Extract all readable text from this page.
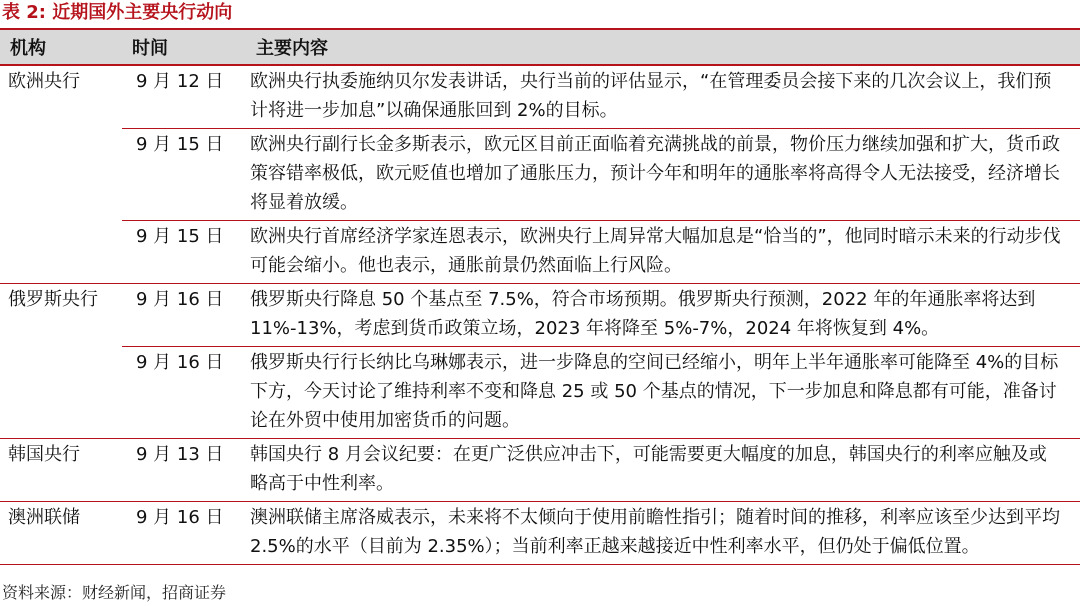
表 2: 近期国外主要央行动向
机构	时间	主要内容
欧洲央行	9 月 12 日	欧洲央行执委施纳贝尔发表讲话，央行当前的评估显示，“在管理委员会接下来的几次会议上，我们预计将进一步加息”以确保通胀回到 2%的目标。
	9 月 15 日	欧洲央行副行长金多斯表示，欧元区目前正面临着充满挑战的前景，物价压力继续加强和扩大，货币政策容错率极低，欧元贬值也增加了通胀压力，预计今年和明年的通胀率将高得令人无法接受，经济增长将显着放缓。
	9 月 15 日	欧洲央行首席经济学家连恩表示，欧洲央行上周异常大幅加息是“恰当的”，他同时暗示未来的行动步伐可能会缩小。他也表示，通胀前景仍然面临上行风险。
俄罗斯央行	9 月 16 日	俄罗斯央行降息 50 个基点至 7.5%，符合市场预期。俄罗斯央行预测，2022 年的年通胀率将达到 11%-13%，考虑到货币政策立场，2023 年将降至 5%-7%，2024 年将恢复到 4%。
	9 月 16 日	俄罗斯央行行长纳比乌琳娜表示，进一步降息的空间已经缩小，明年上半年通胀率可能降至 4%的目标下方，今天讨论了维持利率不变和降息 25 或 50 个基点的情况，下一步加息和降息都有可能，准备讨论在外贸中使用加密货币的问题。
韩国央行	9 月 13 日	韩国央行 8 月会议纪要：在更广泛供应冲击下，可能需要更大幅度的加息，韩国央行的利率应触及或略高于中性利率。
澳洲联储	9 月 16 日	澳洲联储主席洛威表示，未来将不太倾向于使用前瞻性指引；随着时间的推移，利率应该至少达到平均 2.5%的水平（目前为 2.35%）；当前利率正越来越接近中性利率水平，但仍处于偏低位置。
资料来源：财经新闻，招商证券
